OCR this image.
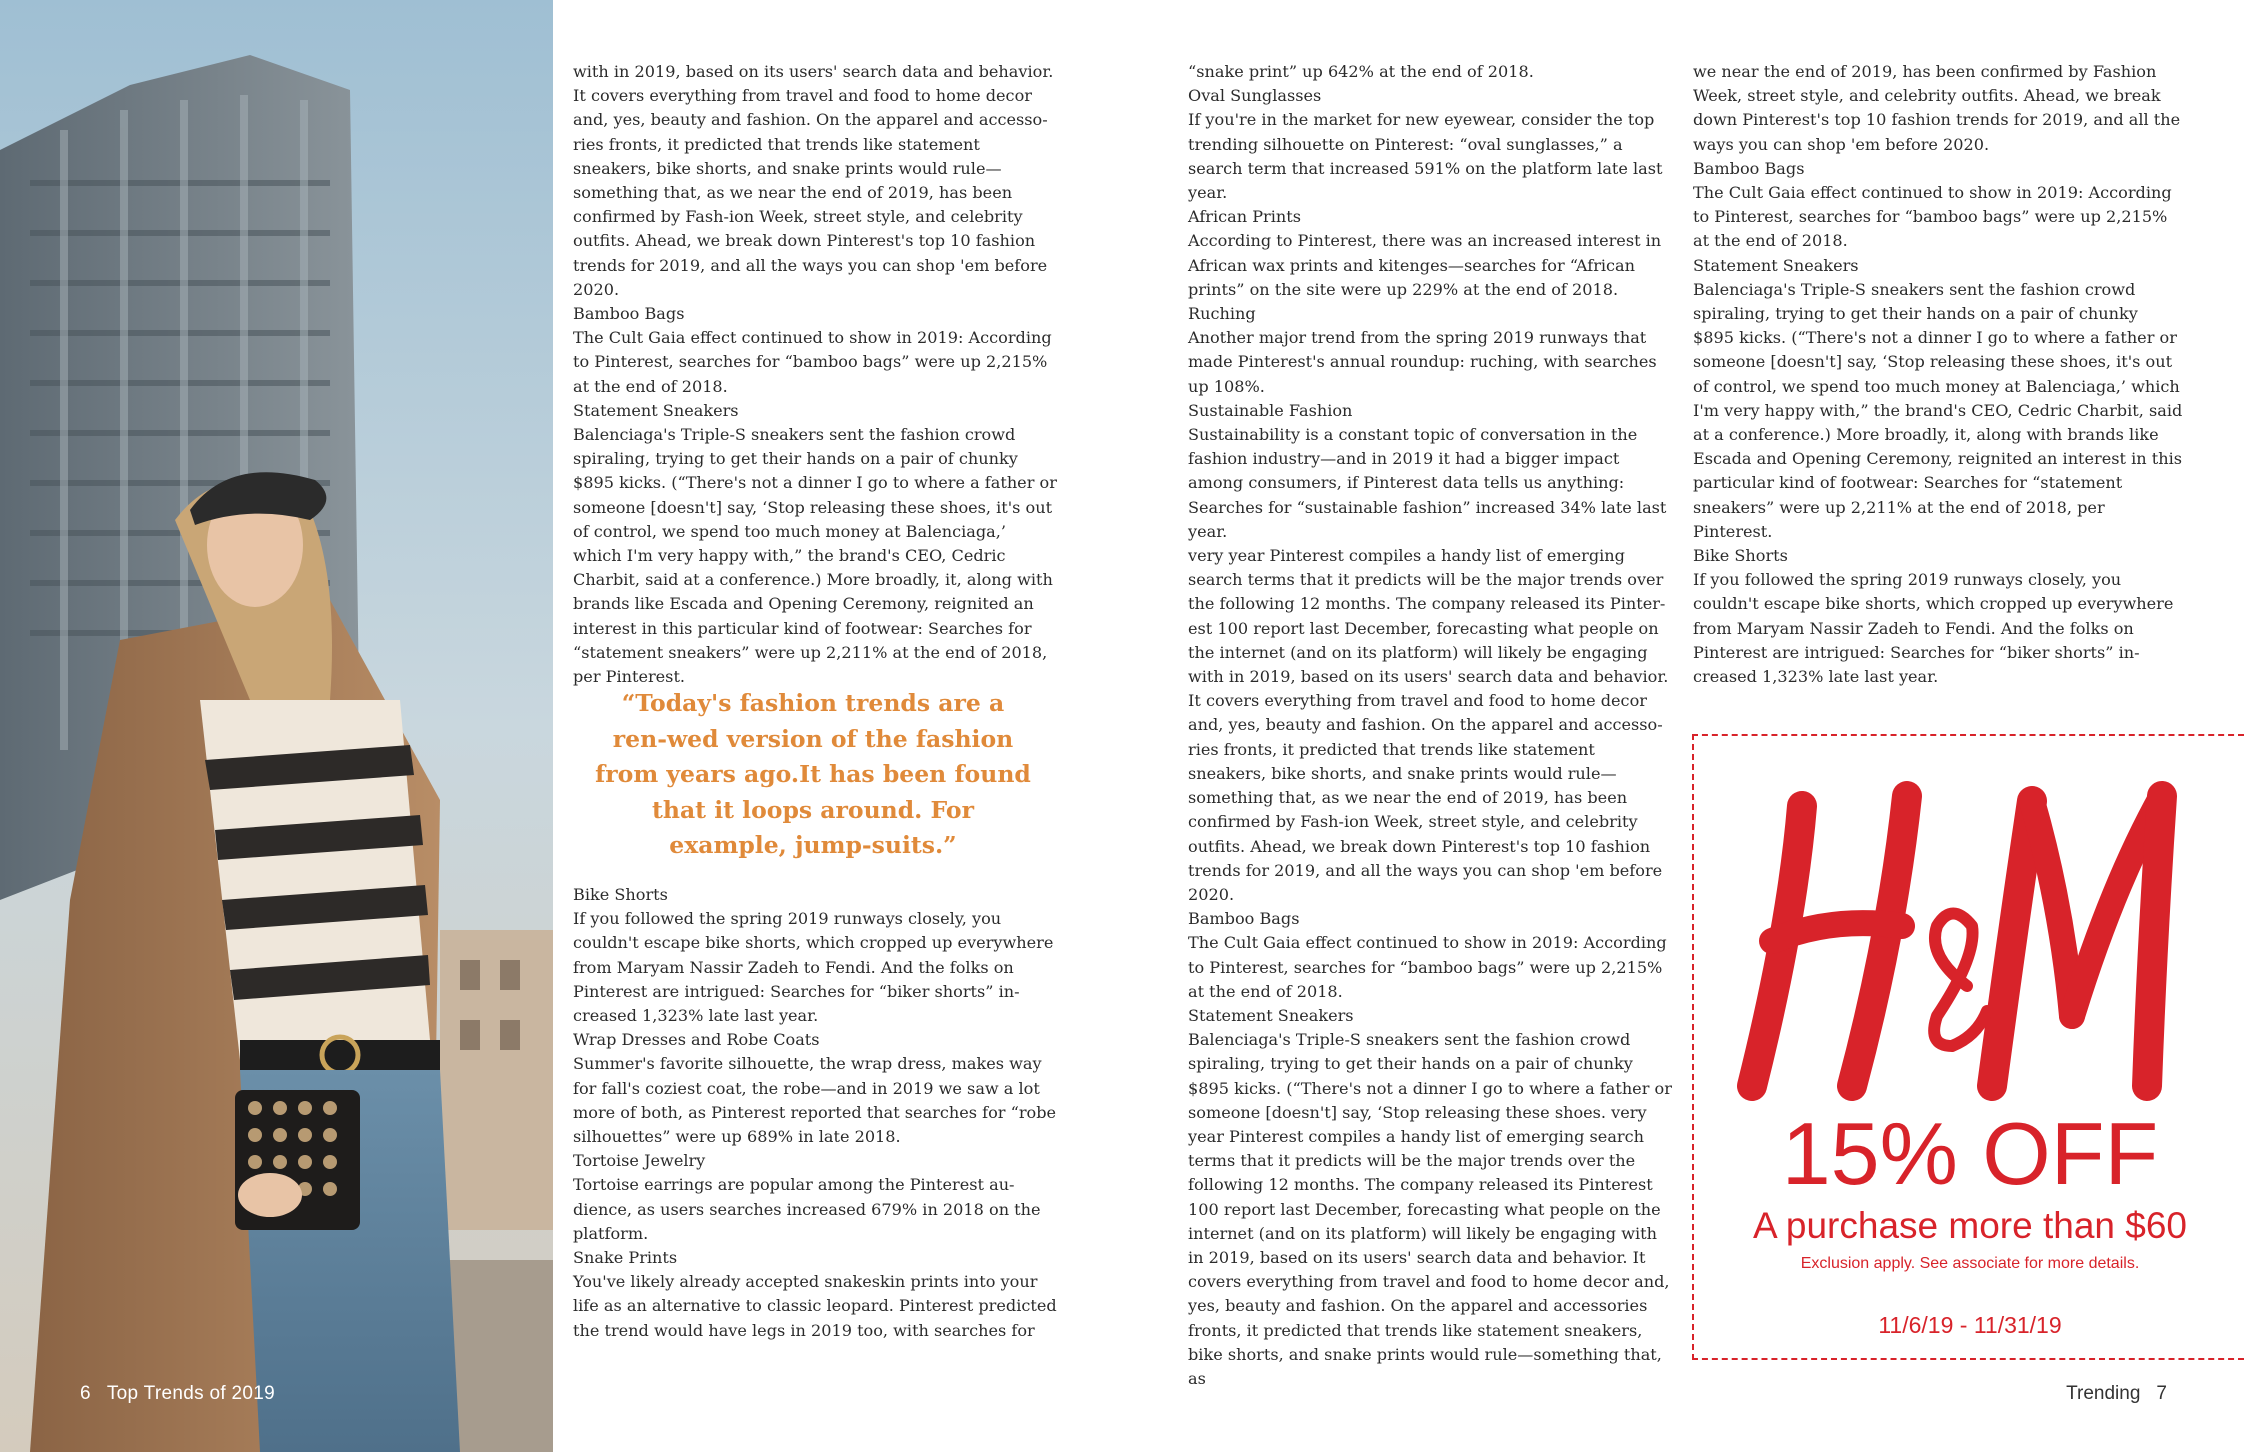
6 Top Trends of 2019

with in 2019, based on its users' search data and behavior. It covers everything from travel and food to home decor and, yes, beauty and fashion. On the apparel and accesso-ries fronts, it predicted that trends like statement sneakers, bike shorts, and snake prints would rule—something that, as we near the end of 2019, has been confirmed by Fash-ion Week, street style, and celebrity outfits. Ahead, we break down Pinterest's top 10 fashion trends for 2019, and all the ways you can shop 'em before 2020.

Bamboo Bags

The Cult Gaia effect continued to show in 2019: According to Pinterest, searches for “bamboo bags” were up 2,215% at the end of 2018.

Statement Sneakers

Balenciaga's Triple-S sneakers sent the fashion crowd spiraling, trying to get their hands on a pair of chunky $895 kicks. (“There's not a dinner I go to where a father or someone [doesn't] say, ‘Stop releasing these shoes, it's out of control, we spend too much money at Balenciaga,’ which I'm very happy with,” the brand's CEO, Cedric Charbit, said at a conference.) More broadly, it, along with brands like Escada and Opening Ceremony, reignited an interest in this particular kind of footwear: Searches for “statement sneakers” were up 2,211% at the end of 2018, per Pinterest.

“Today's fashion trends are a ren-wed version of the fashion from years ago.It has been found that it loops around. For example, jump-suits.”

Bike Shorts

If you followed the spring 2019 runways closely, you couldn't escape bike shorts, which cropped up everywhere from Maryam Nassir Zadeh to Fendi. And the folks on Pinterest are intrigued: Searches for “biker shorts” in-creased 1,323% late last year.

Wrap Dresses and Robe Coats

Summer's favorite silhouette, the wrap dress, makes way for fall's coziest coat, the robe—and in 2019 we saw a lot more of both, as Pinterest reported that searches for “robe silhouettes” were up 689% in late 2018.

Tortoise Jewelry

Tortoise earrings are popular among the Pinterest au-dience, as users searches increased 679% in 2018 on the platform.

Snake Prints

You've likely already accepted snakeskin prints into your life as an alternative to classic leopard. Pinterest predicted the trend would have legs in 2019 too, with searches for

“snake print” up 642% at the end of 2018.

Oval Sunglasses

If you're in the market for new eyewear, consider the top trending silhouette on Pinterest: “oval sunglasses,” a search term that increased 591% on the platform late last year.

African Prints

According to Pinterest, there was an increased interest in African wax prints and kitenges—searches for “African prints” on the site were up 229% at the end of 2018.

Ruching

Another major trend from the spring 2019 runways that made Pinterest's annual roundup: ruching, with searches up 108%.

Sustainable Fashion

Sustainability is a constant topic of conversation in the fashion industry—and in 2019 it had a bigger impact among consumers, if Pinterest data tells us anything: Searches for “sustainable fashion” increased 34% late last year.

very year Pinterest compiles a handy list of emerging search terms that it predicts will be the major trends over the following 12 months. The company released its Pinter-est 100 report last December, forecasting what people on the internet (and on its platform) will likely be engaging with in 2019, based on its users' search data and behavior. It covers everything from travel and food to home decor and, yes, beauty and fashion. On the apparel and accesso-ries fronts, it predicted that trends like statement sneakers, bike shorts, and snake prints would rule—something that, as we near the end of 2019, has been confirmed by Fash-ion Week, street style, and celebrity outfits. Ahead, we break down Pinterest's top 10 fashion trends for 2019, and all the ways you can shop 'em before 2020.

Bamboo Bags

The Cult Gaia effect continued to show in 2019: According to Pinterest, searches for “bamboo bags” were up 2,215% at the end of 2018.

Statement Sneakers

Balenciaga's Triple-S sneakers sent the fashion crowd spiraling, trying to get their hands on a pair of chunky $895 kicks. (“There's not a dinner I go to where a father or someone [doesn't] say, ‘Stop releasing these shoes. very year Pinterest compiles a handy list of emerging search terms that it predicts will be the major trends over the following 12 months. The company released its Pinterest 100 report last December, forecasting what people on the internet (and on its platform) will likely be engaging with in 2019, based on its users' search data and behavior. It covers everything from travel and food to home decor and, yes, beauty and fashion. On the apparel and accessories fronts, it predicted that trends like statement sneakers, bike shorts, and snake prints would rule—something that, as

we near the end of 2019, has been confirmed by Fashion Week, street style, and celebrity outfits. Ahead, we break down Pinterest's top 10 fashion trends for 2019, and all the ways you can shop 'em before 2020.

Bamboo Bags

The Cult Gaia effect continued to show in 2019: According to Pinterest, searches for “bamboo bags” were up 2,215% at the end of 2018.

Statement Sneakers

Balenciaga's Triple-S sneakers sent the fashion crowd spiraling, trying to get their hands on a pair of chunky $895 kicks. (“There's not a dinner I go to where a father or someone [doesn't] say, ‘Stop releasing these shoes, it's out of control, we spend too much money at Balenciaga,’ which I'm very happy with,” the brand's CEO, Cedric Charbit, said at a conference.) More broadly, it, along with brands like Escada and Opening Ceremony, reignited an interest in this particular kind of footwear: Searches for “statement sneakers” were up 2,211% at the end of 2018, per Pinterest.

Bike Shorts

If you followed the spring 2019 runways closely, you couldn't escape bike shorts, which cropped up everywhere from Maryam Nassir Zadeh to Fendi. And the folks on Pinterest are intrigued: Searches for “biker shorts” in-creased 1,323% late last year.

15% OFF
A purchase more than $60
Exclusion apply. See associate for more details.
11/6/19 - 11/31/19
Trending 7
